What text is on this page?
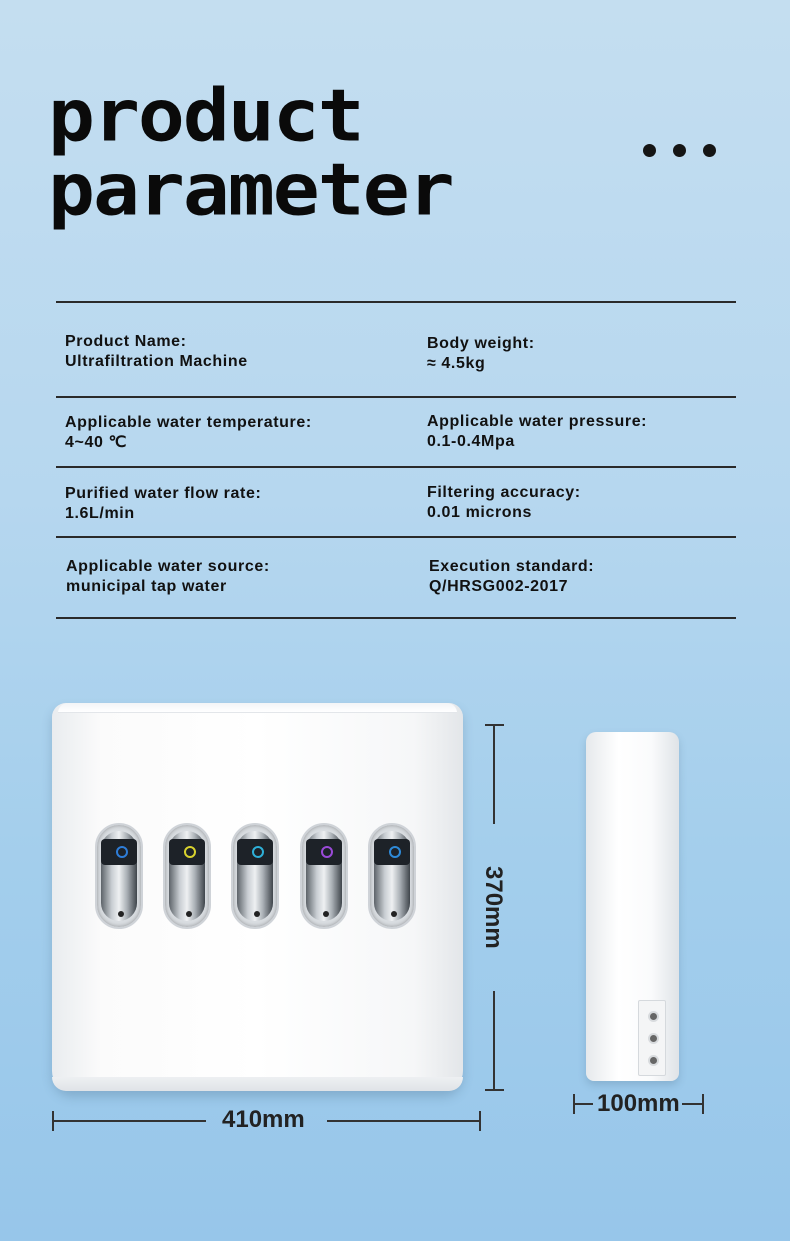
product
parameter
Product Name:
Ultrafiltration Machine
Body weight:
≈ 4.5kg
Applicable water temperature:
4~40 ℃
Applicable water pressure:
0.1-0.4Mpa
Purified water flow rate:
1.6L/min
Filtering accuracy:
0.01 microns
Applicable water source:
municipal tap water
Execution standard:
Q/HRSG002-2017
370mm
410mm
100mm
